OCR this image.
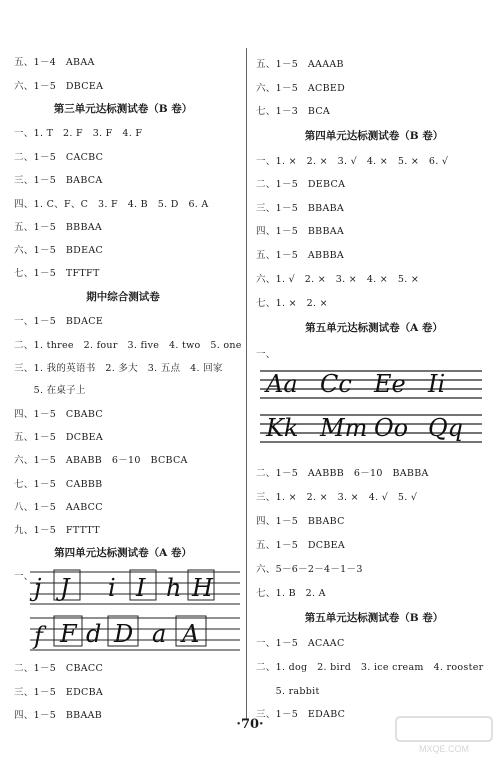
五、1－4　ABAA
六、1－5　DBCEA
第三单元达标测试卷（B 卷）
一、1. T　2. F　3. F　4. F
二、1－5　CACBC
三、1－5　BABCA
四、1. C、F、C　3. F　4. B　5. D　6. A
五、1－5　BBBAA
六、1－5　BDEAC
七、1－5　TFTFT
期中综合测试卷
一、1－5　BDACE
二、1. three　2. four　3. five　4. two　5. one
三、1. 我的英语书　2. 多大　3. 五点　4. 回家
　　5. 在桌子上
四、1－5　CBABC
五、1－5　DCBEA
六、1－5　ABABB　6－10　BCBCA
七、1－5　CABBB
八、1－5　AABCC
九、1－5　FTTTT
第四单元达标测试卷（A 卷）
一、 j J i I h H
f F d D a A
二、1－5　CBACC
三、1－5　EDCBA
四、1－5　BBAAB
五、1－5　AAAAB
六、1－5　ACBED
七、1－3　BCA
第四单元达标测试卷（B 卷）
一、1. ×　2. ×　3. √　4. ×　5. ×　6. √
二、1－5　DEBCA
三、1－5　BBABA
四、1－5　BBBAA
五、1－5　ABBBA
六、1. √　2. ×　3. ×　4. ×　5. ×
七、1. ×　2. ×
第五单元达标测试卷（A 卷）
一、
Aa Cc Ee Ii
Kk Mm Oo Qq
二、1－5　AABBB　6－10　BABBA
三、1. ×　2. ×　3. ×　4. √　5. √
四、1－5　BBABC
五、1－5　DCBEA
六、5－6－2－4－1－3
七、1. B　2. A
第五单元达标测试卷（B 卷）
一、1－5　ACAAC
二、1. dog　2. bird　3. ice cream　4. rooster
　　5. rabbit
三、1－5　EDABC
·70·
MXQE.COM
